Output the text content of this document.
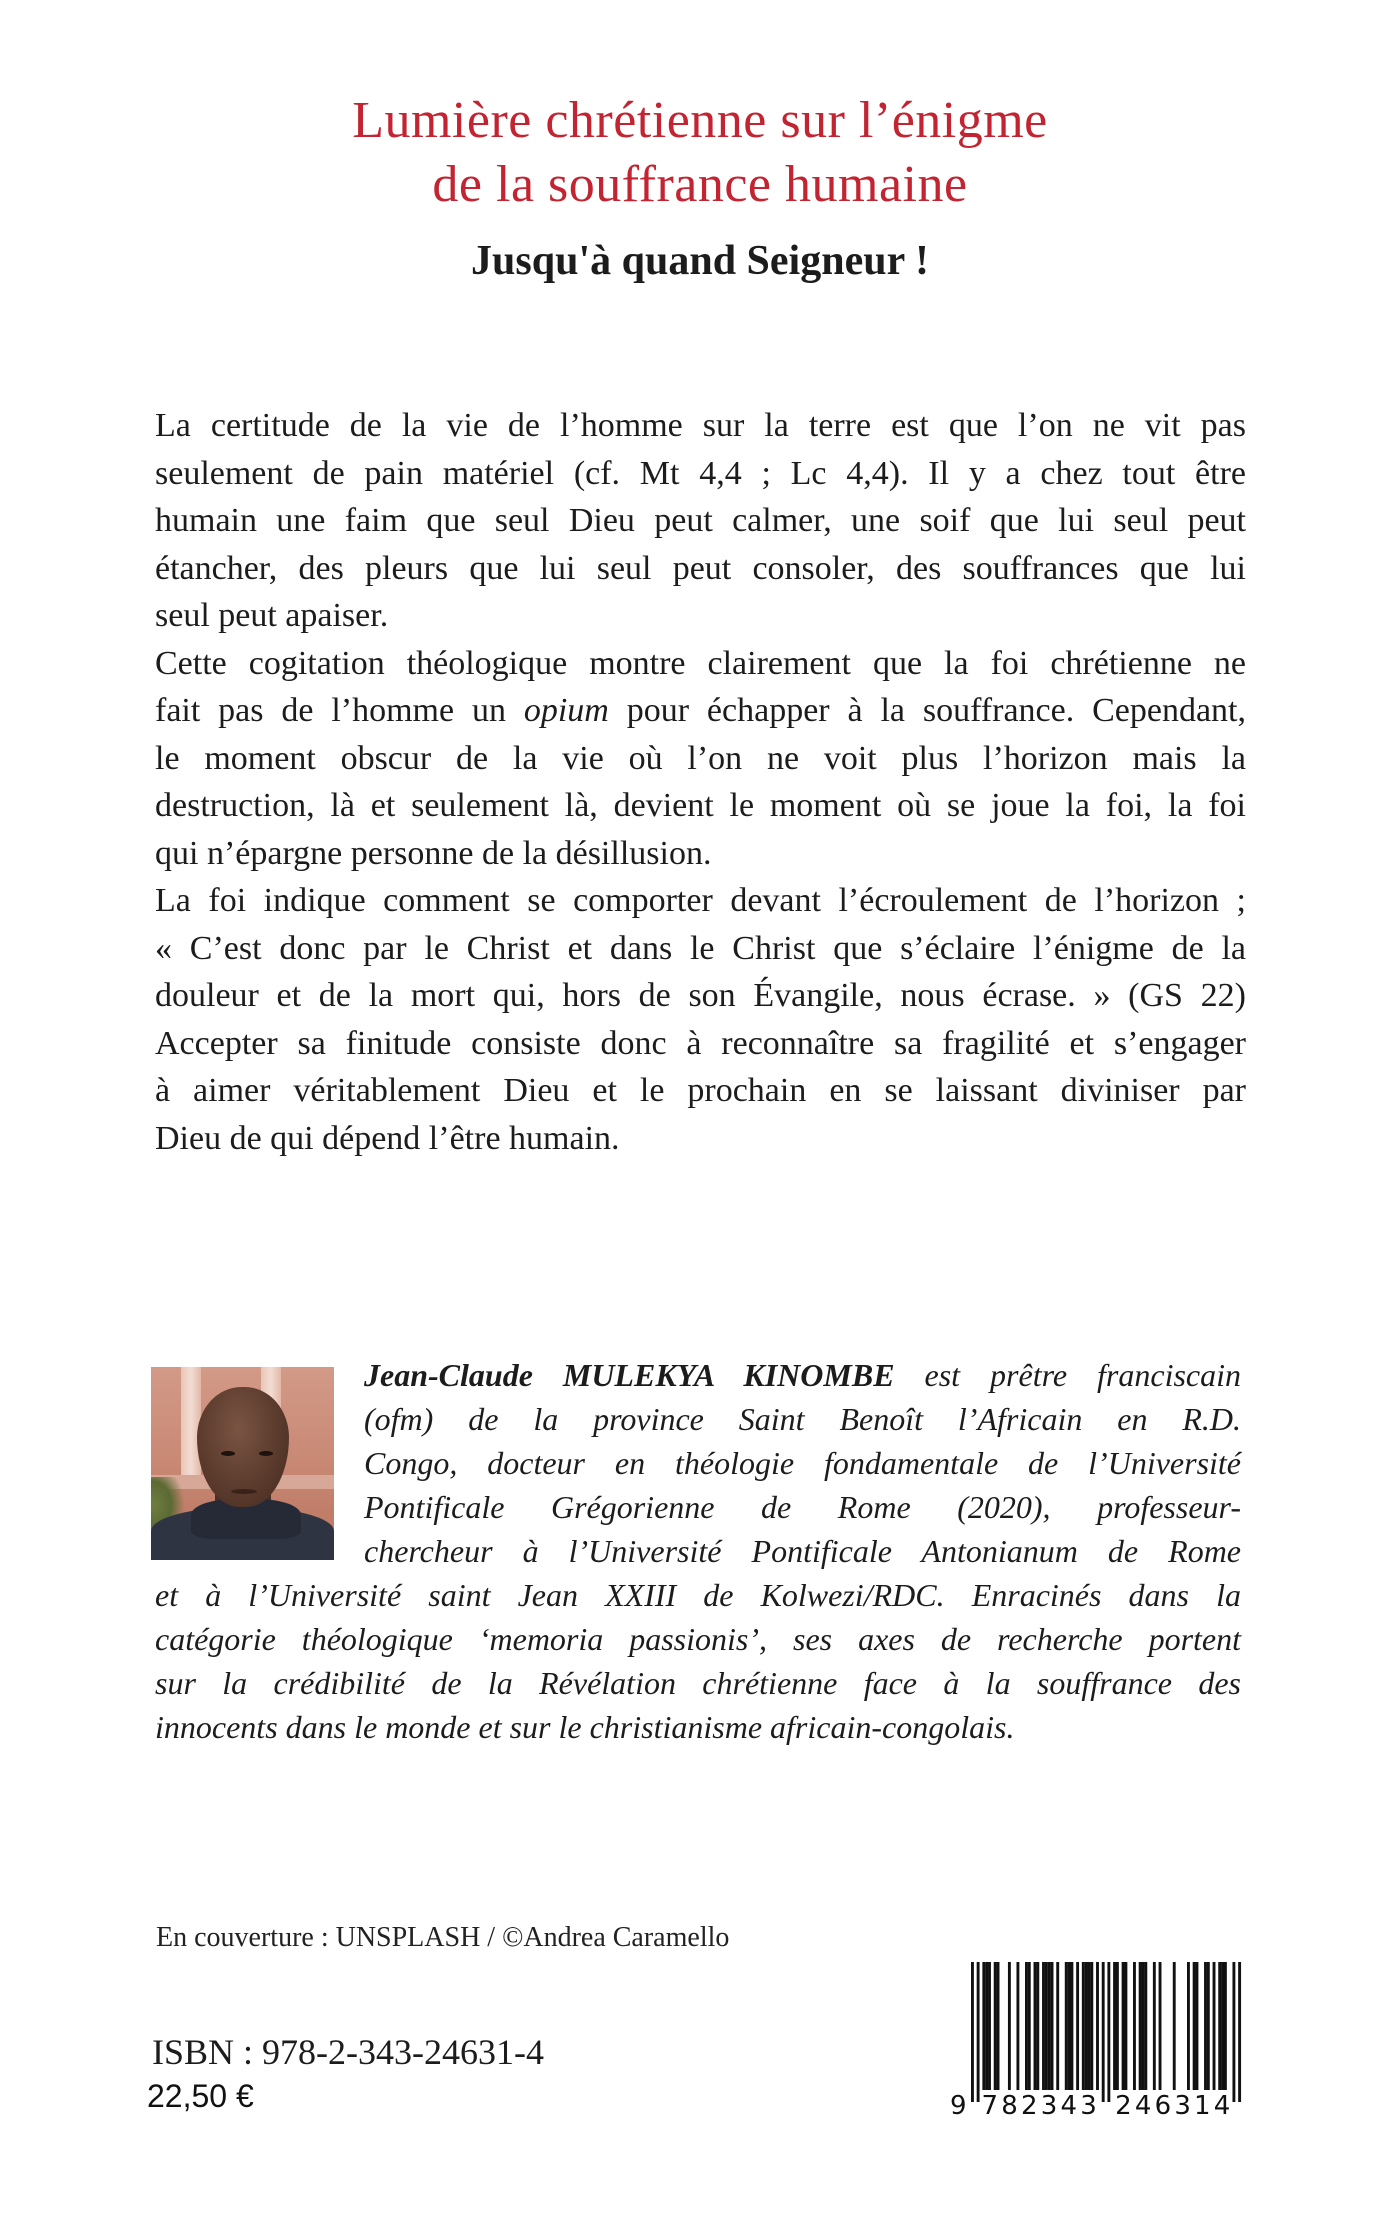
Lumière chrétienne sur l’énigme
de la souffrance humaine
Jusqu'à quand Seigneur !
La certitude de la vie de l’homme sur la terre est que l’on ne vit pas
seulement de pain matériel (cf. Mt 4,4 ; Lc 4,4). Il y a chez tout être
humain une faim que seul Dieu peut calmer, une soif que lui seul peut
étancher, des pleurs que lui seul peut consoler, des souffrances que lui
seul peut apaiser.
Cette cogitation théologique montre clairement que la foi chrétienne ne
fait pas de l’homme un opium pour échapper à la souffrance. Cependant,
le moment obscur de la vie où l’on ne voit plus l’horizon mais la
destruction, là et seulement là, devient le moment où se joue la foi, la foi
qui n’épargne personne de la désillusion.
La foi indique comment se comporter devant l’écroulement de l’horizon ;
« C’est donc par le Christ et dans le Christ que s’éclaire l’énigme de la
douleur et de la mort qui, hors de son Évangile, nous écrase. » (GS 22)
Accepter sa finitude consiste donc à reconnaître sa fragilité et s’engager
à aimer véritablement Dieu et le prochain en se laissant diviniser par
Dieu de qui dépend l’être humain.
Jean-Claude MULEKYA KINOMBE est prêtre franciscain
(ofm) de la province Saint Benoît l’Africain en R.D.
Congo, docteur en théologie fondamentale de l’Université
Pontificale Grégorienne de Rome (2020), professeur-
chercheur à l’Université Pontificale Antonianum de Rome
et à l’Université saint Jean XXIII de Kolwezi/RDC. Enracinés dans la
catégorie théologique ‘memoria passionis’, ses axes de recherche portent
sur la crédibilité de la Révélation chrétienne face à la souffrance des
innocents dans le monde et sur le christianisme africain-congolais.
En couverture : UNSPLASH / ©Andrea Caramello
ISBN : 978-2-343-24631-4
22,50 €	9 782343 246314
